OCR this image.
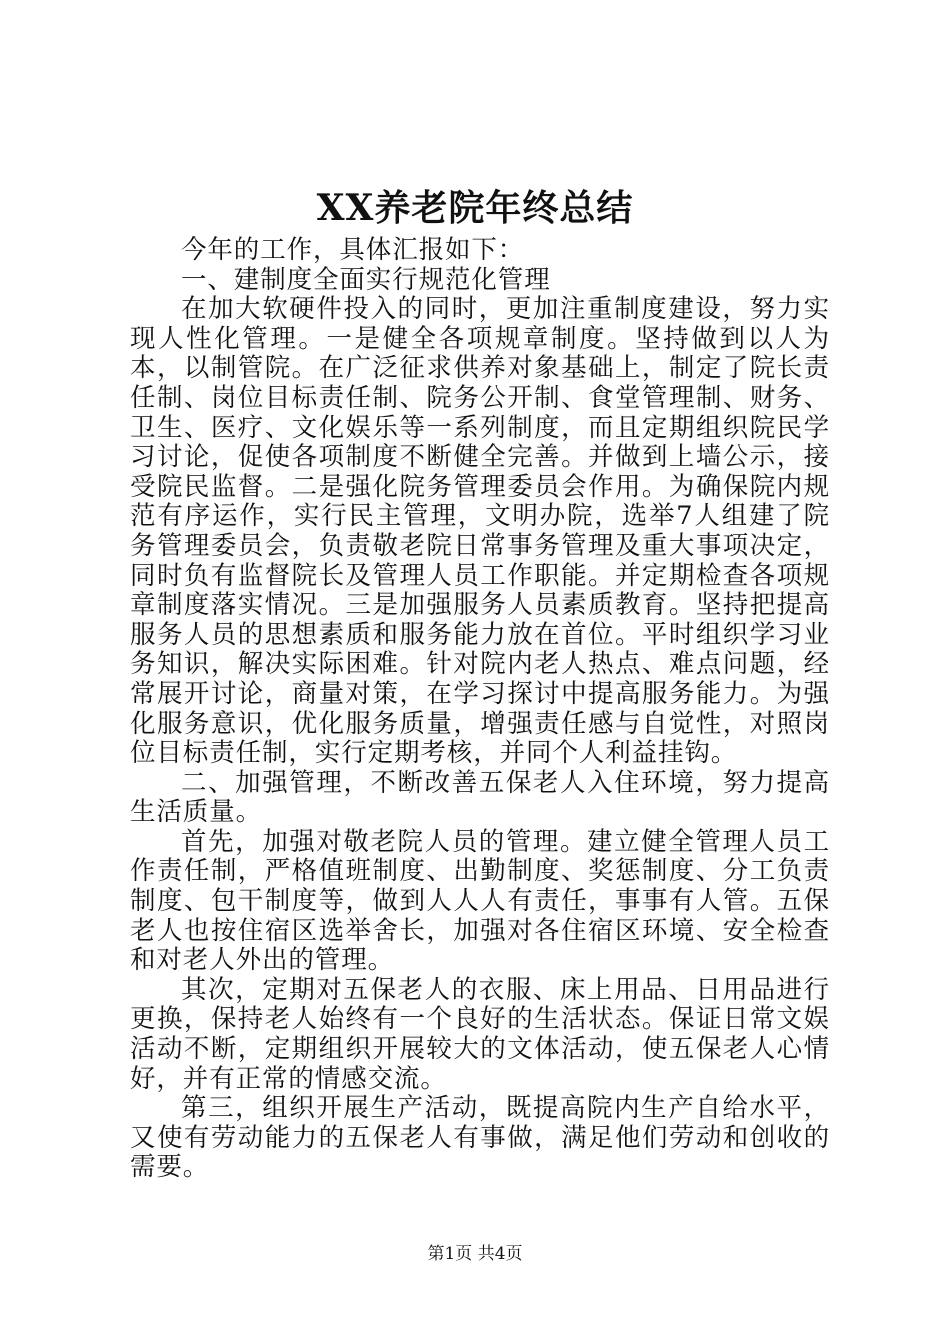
XX养老院年终总结

今年的工作，具体汇报如下：

一、建制度全面实行规范化管理

在加大软硬件投入的同时，更加注重制度建设，努力实现人性化管理。一是健全各项规章制度。坚持做到以人为本，以制管院。在广泛征求供养对象基础上，制定了院长责任制、岗位目标责任制、院务公开制、食堂管理制、财务、卫生、医疗、文化娱乐等一系列制度，而且定期组织院民学习讨论，促使各项制度不断健全完善。并做到上墙公示，接受院民监督。二是强化院务管理委员会作用。为确保院内规范有序运作，实行民主管理，文明办院，选举7人组建了院务管理委员会，负责敬老院日常事务管理及重大事项决定，同时负有监督院长及管理人员工作职能。并定期检查各项规章制度落实情况。三是加强服务人员素质教育。坚持把提高服务人员的思想素质和服务能力放在首位。平时组织学习业务知识，解决实际困难。针对院内老人热点、难点问题，经常展开讨论，商量对策，在学习探讨中提高服务能力。为强化服务意识，优化服务质量，增强责任感与自觉性，对照岗位目标责任制，实行定期考核，并同个人利益挂钩。

二、加强管理，不断改善五保老人入住环境，努力提高生活质量。

首先，加强对敬老院人员的管理。建立健全管理人员工作责任制，严格值班制度、出勤制度、奖惩制度、分工负责制度、包干制度等，做到人人人有责任，事事有人管。五保老人也按住宿区选举舍长，加强对各住宿区环境、安全检查和对老人外出的管理。

其次，定期对五保老人的衣服、床上用品、日用品进行更换，保持老人始终有一个良好的生活状态。保证日常文娱活动不断，定期组织开展较大的文体活动，使五保老人心情好，并有正常的情感交流。

第三，组织开展生产活动，既提高院内生产自给水平，又使有劳动能力的五保老人有事做，满足他们劳动和创收的需要。

第1页 共4页
